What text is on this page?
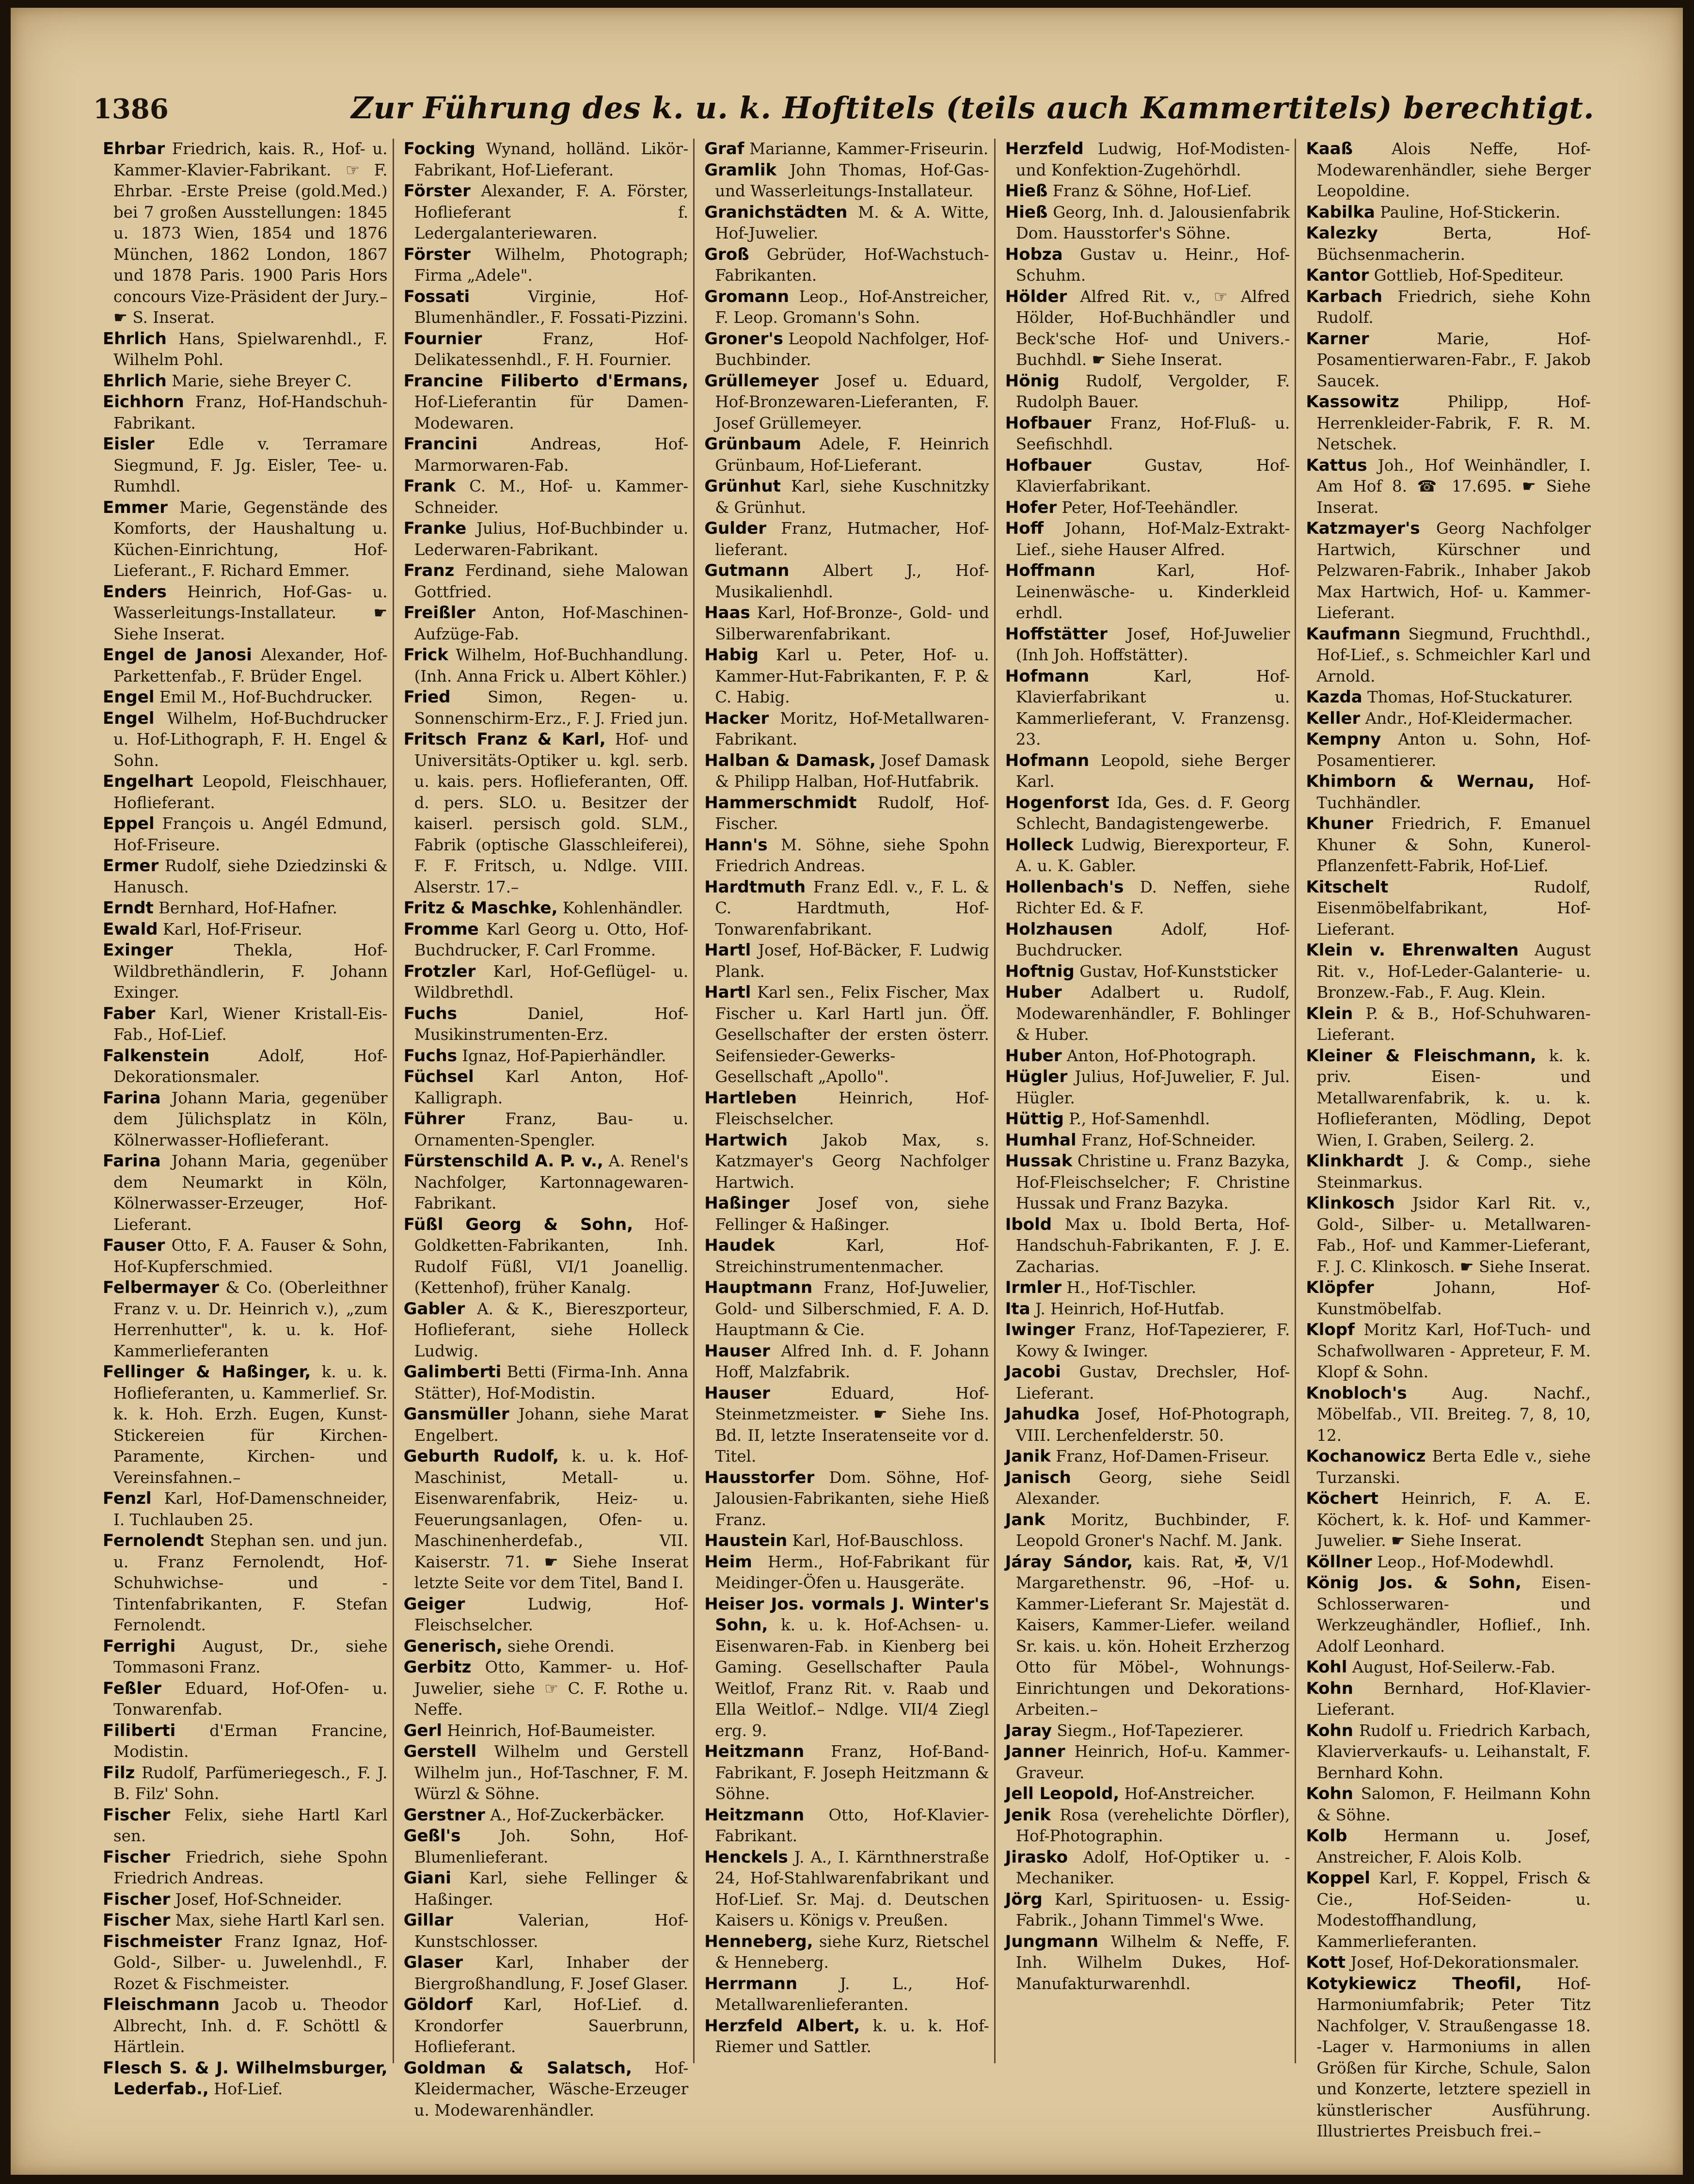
1386	Zur Führung des k. u. k. Hoftitels (teils auch Kammertitels) berechtigt.

Ehrbar Friedrich, kais. R., Hof- u. Kammer-Klavier-Fabrikant. ☞ F. Ehrbar. -Erste Preise (gold.Med.) bei 7 großen Ausstellungen: 1845 u. 1873 Wien, 1854 und 1876 München, 1862 London, 1867 und 1878 Paris. 1900 Paris Hors concours Vize-Präsident der Jury.– ☛ S. Inserat.

Ehrlich Hans, Spielwarenhdl., F. Wilhelm Pohl.

Ehrlich Marie, siehe Breyer C.

Eichhorn Franz, Hof-Handschuh-Fabrikant.

Eisler Edle v. Terramare Siegmund, F. Jg. Eisler, Tee- u. Rumhdl.

Emmer Marie, Gegenstände des Komforts, der Haushaltung u. Küchen-Einrichtung, Hof-Lieferant., F. Richard Emmer.

Enders Heinrich, Hof-Gas- u. Wasserleitungs-Installateur. ☛ Siehe Inserat.

Engel de Janosi Alexander, Hof-Parkettenfab., F. Brüder Engel.

Engel Emil M., Hof-Buchdrucker.

Engel Wilhelm, Hof-Buchdrucker u. Hof-Lithograph, F. H. Engel & Sohn.

Engelhart Leopold, Fleischhauer, Hoflieferant.

Eppel François u. Angél Edmund, Hof-Friseure.

Ermer Rudolf, siehe Dziedzinski & Hanusch.

Erndt Bernhard, Hof-Hafner.

Ewald Karl, Hof-Friseur.

Exinger	Thekla, Hof-Wildbrethändlerin, F. Johann Exinger.

Faber Karl, Wiener Kristall-Eis-Fab., Hof-Lief.

Falkenstein	Adolf, Hof-Dekorationsmaler.

Farina Johann Maria, gegenüber dem Jülichsplatz in Köln, Kölnerwasser-Hoflieferant.

Farina Johann Maria, gegenüber dem Neumarkt in Köln, Kölnerwasser-Erzeuger, Hof-Lieferant.

Fauser Otto, F. A. Fauser & Sohn, Hof-Kupferschmied.

Felbermayer & Co. (Oberleithner Franz v. u. Dr. Heinrich v.), „zum Herrenhutter", k. u. k. Hof-Kammerlieferanten

Fellinger & Haßinger, k. u. k. Hoflieferanten, u. Kammerlief. Sr. k. k. Hoh. Erzh. Eugen, Kunst-Stickereien für Kirchen-Paramente, Kirchen- und Vereinsfahnen.–

Fenzl Karl, Hof-Damenschneider, I. Tuchlauben 25.

Fernolendt Stephan sen. und jun. u. Franz Fernolendt, Hof-Schuhwichse- und -Tintenfabrikanten, F. Stefan Fernolendt.

Ferrighi August, Dr., siehe Tommasoni Franz.

Feßler Eduard, Hof-Ofen- u. Tonwarenfab.

Filiberti d'Erman Francine, Modistin.

Filz Rudolf, Parfümeriegesch., F. J. B. Filz' Sohn.

Fischer Felix, siehe Hartl Karl sen.

Fischer Friedrich, siehe Spohn Friedrich Andreas.

Fischer Josef, Hof-Schneider.

Fischer Max, siehe Hartl Karl sen.

Fischmeister Franz Ignaz, Hof-Gold-, Silber- u. Juwelenhdl., F. Rozet & Fischmeister.

Fleischmann Jacob u. Theodor Albrecht, Inh. d. F. Schöttl & Härtlein.

Flesch S. & J. Wilhelmsburger, Lederfab., Hof-Lief.

Focking Wynand, holländ. Likör-Fabrikant, Hof-Lieferant.

Förster Alexander, F. A. Förster, Hoflieferant f. Ledergalanteriewaren.

Förster Wilhelm, Photograph; Firma „Adele".

Fossati	Virginie, Hof-Blumenhändler., F. Fossati-Pizzini.

Fournier	Franz, Hof-Delikatessenhdl., F. H. Fournier.

Francine Filiberto d'Ermans, Hof-Lieferantin für Damen-Modewaren.

Francini	Andreas, Hof-Marmorwaren-Fab.

Frank C. M., Hof- u. Kammer-Schneider.

Franke Julius, Hof-Buchbinder u. Lederwaren-Fabrikant.

Franz Ferdinand, siehe Malowan Gottfried.

Freißler Anton, Hof-Maschinen-Aufzüge-Fab.

Frick Wilhelm, Hof-Buchhandlung. (Inh. Anna Frick u. Albert Köhler.)

Fried Simon, Regen- u. Sonnenschirm-Erz., F. J. Fried jun.

Fritsch Franz & Karl, Hof- und Universitäts-Optiker u. kgl. serb. u. kais. pers. Hoflieferanten, Off. d. pers. SLO. u. Besitzer der kaiserl. persisch gold. SLM., Fabrik (optische Glasschleiferei), F. F. Fritsch, u. Ndlge. VIII. Alserstr. 17.–

Fritz & Maschke, Kohlenhändler.

Fromme Karl Georg u. Otto, Hof-Buchdrucker, F. Carl Fromme.

Frotzler Karl, Hof-Geflügel- u. Wildbrethdl.

Fuchs	Daniel, Hof-Musikinstrumenten-Erz.

Fuchs Ignaz, Hof-Papierhändler.

Füchsel Karl Anton, Hof-Kalligraph.

Führer	Franz, Bau- u. Ornamenten-Spengler.

Fürstenschild A. P. v., A. Renel's Nachfolger, Kartonnagewaren-Fabrikant.

Füßl Georg & Sohn, Hof-Goldketten-Fabrikanten, Inh. Rudolf Füßl, VI/1 Joanellig. (Kettenhof), früher Kanalg.

Gabler A. & K., Biereszporteur, Hoflieferant, siehe Holleck Ludwig.

Galimberti Betti (Firma-Inh. Anna Stätter), Hof-Modistin.

Gansmüller Johann, siehe Marat Engelbert.

Geburth Rudolf, k. u. k. Hof-Maschinist, Metall- u. Eisenwarenfabrik, Heiz- u. Feuerungsanlagen, Ofen- u. Maschinenherdefab., VII. Kaiserstr. 71. ☛ Siehe Inserat letzte Seite vor dem Titel, Band I.

Geiger	Ludwig, Hof-Fleischselcher.

Generisch, siehe Orendi.

Gerbitz Otto, Kammer- u. Hof-Juwelier, siehe ☞ C. F. Rothe u. Neffe.

Gerl Heinrich, Hof-Baumeister.

Gerstell Wilhelm und Gerstell Wilhelm jun., Hof-Taschner, F. M. Würzl & Söhne.

Gerstner A., Hof-Zuckerbäcker.

Geßl's Joh. Sohn, Hof-Blumenlieferant.

Giani Karl, siehe Fellinger & Haßinger.

Gillar	Valerian, Hof-Kunstschlosser.

Glaser Karl, Inhaber der Biergroßhandlung, F. Josef Glaser.

Göldorf Karl, Hof-Lief. d. Krondorfer Sauerbrunn, Hoflieferant.

Goldman & Salatsch, Hof-Kleidermacher, Wäsche-Erzeuger u. Modewarenhändler.

Graf Marianne, Kammer-Friseurin.

Gramlik John Thomas, Hof-Gas- und Wasserleitungs-Installateur.

Granichstädten M. & A. Witte, Hof-Juwelier.

Groß Gebrüder, Hof-Wachstuch-Fabrikanten.

Gromann Leop., Hof-Anstreicher, F. Leop. Gromann's Sohn.

Groner's Leopold Nachfolger, Hof-Buchbinder.

Grüllemeyer Josef u. Eduard, Hof-Bronzewaren-Lieferanten, F. Josef Grüllemeyer.

Grünbaum Adele, F. Heinrich Grünbaum, Hof-Lieferant.

Grünhut Karl, siehe Kuschnitzky & Grünhut.

Gulder Franz, Hutmacher, Hof-lieferant.

Gutmann Albert J., Hof-Musikalienhdl.

Haas Karl, Hof-Bronze-, Gold- und Silberwarenfabrikant.

Habig Karl u. Peter, Hof- u. Kammer-Hut-Fabrikanten, F. P. & C. Habig.

Hacker Moritz, Hof-Metallwaren-Fabrikant.

Halban & Damask, Josef Damask & Philipp Halban, Hof-Hutfabrik.

Hammerschmidt Rudolf, Hof-Fischer.

Hann's M. Söhne, siehe Spohn Friedrich Andreas.

Hardtmuth Franz Edl. v., F. L. & C. Hardtmuth, Hof-Tonwarenfabrikant.

Hartl Josef, Hof-Bäcker, F. Ludwig Plank.

Hartl Karl sen., Felix Fischer, Max Fischer u. Karl Hartl jun. Öff. Gesellschafter der ersten österr. Seifensieder-Gewerks-Gesellschaft „Apollo".

Hartleben	Heinrich, Hof-Fleischselcher.

Hartwich Jakob Max, s. Katzmayer's Georg Nachfolger Hartwich.

Haßinger Josef von, siehe Fellinger & Haßinger.

Haudek	Karl, Hof-Streichinstrumentenmacher.

Hauptmann Franz, Hof-Juwelier, Gold- und Silberschmied, F. A. D. Hauptmann & Cie.

Hauser Alfred Inh. d. F. Johann Hoff, Malzfabrik.

Hauser	Eduard, Hof-Steinmetzmeister. ☛ Siehe Ins. Bd. II, letzte Inseratenseite vor d. Titel.

Hausstorfer Dom. Söhne, Hof-Jalousien-Fabrikanten, siehe Hieß Franz.

Haustein Karl, Hof-Bauschloss.

Heim Herm., Hof-Fabrikant für Meidinger-Öfen u. Hausgeräte.

Heiser Jos. vormals J. Winter's Sohn, k. u. k. Hof-Achsen- u. Eisenwaren-Fab. in Kienberg bei Gaming. Gesellschafter Paula Weitlof, Franz Rit. v. Raab und Ella Weitlof.– Ndlge. VII/4 Ziegl erg. 9.

Heitzmann Franz, Hof-Band-Fabrikant, F. Joseph Heitzmann & Söhne.

Heitzmann Otto, Hof-Klavier-Fabrikant.

Henckels J. A., I. Kärnthnerstraße 24, Hof-Stahlwarenfabrikant und Hof-Lief. Sr. Maj. d. Deutschen Kaisers u. Königs v. Preußen.

Henneberg, siehe Kurz, Rietschel & Henneberg.

Herrmann	J. L., Hof-Metallwarenlieferanten.

Herzfeld Albert, k. u. k. Hof-Riemer und Sattler.

Herzfeld Ludwig, Hof-Modisten- und Konfektion-Zugehörhdl.

Hieß Franz & Söhne, Hof-Lief.

Hieß Georg, Inh. d. Jalousienfabrik Dom. Hausstorfer's Söhne.

Hobza Gustav u. Heinr., Hof-Schuhm.

Hölder Alfred Rit. v., ☞ Alfred Hölder, Hof-Buchhändler und Beck'sche Hof- und Univers.-Buchhdl. ☛ Siehe Inserat.

Hönig Rudolf, Vergolder, F. Rudolph Bauer.

Hofbauer Franz, Hof-Fluß- u. Seefischhdl.

Hofbauer	Gustav, Hof-Klavierfabrikant.

Hofer Peter, Hof-Teehändler.

Hoff Johann, Hof-Malz-Extrakt-Lief., siehe Hauser Alfred.

Hoffmann	Karl, Hof-Leinenwäsche- u. Kinderkleid erhdl.

Hoffstätter Josef, Hof-Juwelier (Inh Joh. Hoffstätter).

Hofmann	Karl, Hof-Klavierfabrikant u. Kammerlieferant, V. Franzensg. 23.

Hofmann Leopold, siehe Berger Karl.

Hogenforst Ida, Ges. d. F. Georg Schlecht, Bandagistengewerbe.

Holleck Ludwig, Bierexporteur, F. A. u. K. Gabler.

Hollenbach's D. Neffen, siehe Richter Ed. & F.

Holzhausen	Adolf, Hof-Buchdrucker.

Hoftnig Gustav, Hof-Kunststicker

Huber Adalbert u. Rudolf, Modewarenhändler, F. Bohlinger & Huber.

Huber Anton, Hof-Photograph.

Hügler Julius, Hof-Juwelier, F. Jul. Hügler.

Hüttig P., Hof-Samenhdl.

Humhal Franz, Hof-Schneider.

Hussak Christine u. Franz Bazyka, Hof-Fleischselcher; F. Christine Hussak und Franz Bazyka.

Ibold Max u. Ibold Berta, Hof-Handschuh-Fabrikanten, F. J. E. Zacharias.

Irmler H., Hof-Tischler.

Ita J. Heinrich, Hof-Hutfab.

Iwinger Franz, Hof-Tapezierer, F. Kowy & Iwinger.

Jacobi Gustav, Drechsler, Hof-Lieferant.

Jahudka Josef, Hof-Photograph, VIII. Lerchenfelderstr. 50.

Janik Franz, Hof-Damen-Friseur.

Janisch Georg, siehe Seidl Alexander.

Jank Moritz, Buchbinder, F. Leopold Groner's Nachf. M. Jank.

Járay Sándor, kais. Rat, ✠, V/1 Margarethenstr. 96, –Hof- u. Kammer-Lieferant Sr. Majestät d. Kaisers, Kammer-Liefer. weiland Sr. kais. u. kön. Hoheit Erzherzog Otto für Möbel-, Wohnungs-Einrichtungen und Dekorations-Arbeiten.–

Jaray Siegm., Hof-Tapezierer.

Janner Heinrich, Hof-u. Kammer-Graveur.

Jell Leopold, Hof-Anstreicher.

Jenik Rosa (verehelichte Dörfler), Hof-Photographin.

Jirasko Adolf, Hof-Optiker u. -Mechaniker.

Jörg Karl, Spirituosen- u. Essig-Fabrik., Johann Timmel's Wwe.

Jungmann Wilhelm & Neffe, F. Inh. Wilhelm Dukes, Hof-Manufakturwarenhdl.

Kaaß Alois Neffe, Hof-Modewarenhändler, siehe Berger Leopoldine.

Kabilka Pauline, Hof-Stickerin.

Kalezky	Berta, Hof-Büchsenmacherin.

Kantor Gottlieb, Hof-Spediteur.

Karbach Friedrich, siehe Kohn Rudolf.

Karner	Marie, Hof-Posamentierwaren-Fabr., F. Jakob Saucek.

Kassowitz	Philipp, Hof-Herrenkleider-Fabrik, F. R. M. Netschek.

Kattus Joh., Hof Weinhändler, I. Am Hof 8. ☎ 17.695. ☛ Siehe Inserat.

Katzmayer's Georg Nachfolger Hartwich, Kürschner und Pelzwaren-Fabrik., Inhaber Jakob Max Hartwich, Hof- u. Kammer-Lieferant.

Kaufmann Siegmund, Fruchthdl., Hof-Lief., s. Schmeichler Karl und Arnold.

Kazda Thomas, Hof-Stuckaturer.

Keller Andr., Hof-Kleidermacher.

Kempny Anton u. Sohn, Hof-Posamentierer.

Khimborn & Wernau, Hof-Tuchhändler.

Khuner Friedrich, F. Emanuel Khuner & Sohn, Kunerol-Pflanzenfett-Fabrik, Hof-Lief.

Kitschelt	Rudolf, Eisenmöbelfabrikant, Hof-Lieferant.

Klein v. Ehrenwalten August Rit. v., Hof-Leder-Galanterie- u. Bronzew.-Fab., F. Aug. Klein.

Klein P. & B., Hof-Schuhwaren-Lieferant.

Kleiner & Fleischmann, k. k. priv. Eisen- und Metallwarenfabrik, k. u. k. Hoflieferanten, Mödling, Depot Wien, I. Graben, Seilerg. 2.

Klinkhardt J. & Comp., siehe Steinmarkus.

Klinkosch Jsidor Karl Rit. v., Gold-, Silber- u. Metallwaren-Fab., Hof- und Kammer-Lieferant, F. J. C. Klinkosch. ☛ Siehe Inserat.

Klöpfer	Johann, Hof-Kunstmöbelfab.

Klopf Moritz Karl, Hof-Tuch- und Schafwollwaren - Appreteur, F. M. Klopf & Sohn.

Knobloch's	Aug. Nachf., Möbelfab., VII. Breiteg. 7, 8, 10, 12.

Kochanowicz Berta Edle v., siehe Turzanski.

Köchert Heinrich, F. A. E. Köchert, k. k. Hof- und Kammer-Juwelier. ☛ Siehe Inserat.

Köllner Leop., Hof-Modewhdl.

König Jos. & Sohn, Eisen-Schlosserwaren- und Werkzeughändler, Hoflief., Inh. Adolf Leonhard.

Kohl August, Hof-Seilerw.-Fab.

Kohn Bernhard, Hof-Klavier-Lieferant.

Kohn Rudolf u. Friedrich Karbach, Klavierverkaufs- u. Leihanstalt, F. Bernhard Kohn.

Kohn Salomon, F. Heilmann Kohn & Söhne.

Kolb Hermann u. Josef, Anstreicher, F. Alois Kolb.

Koppel Karl, F. Koppel, Frisch & Cie., Hof-Seiden- u. Modestoffhandlung, Kammerlieferanten.

Kott Josef, Hof-Dekorationsmaler.

Kotykiewicz Theofil, Hof-Harmoniumfabrik; Peter Titz Nachfolger, V. Straußengasse 18. -Lager v. Harmoniums in allen Größen für Kirche, Schule, Salon und Konzerte, letztere speziell in künstlerischer Ausführung. Illustriertes Preisbuch frei.–
